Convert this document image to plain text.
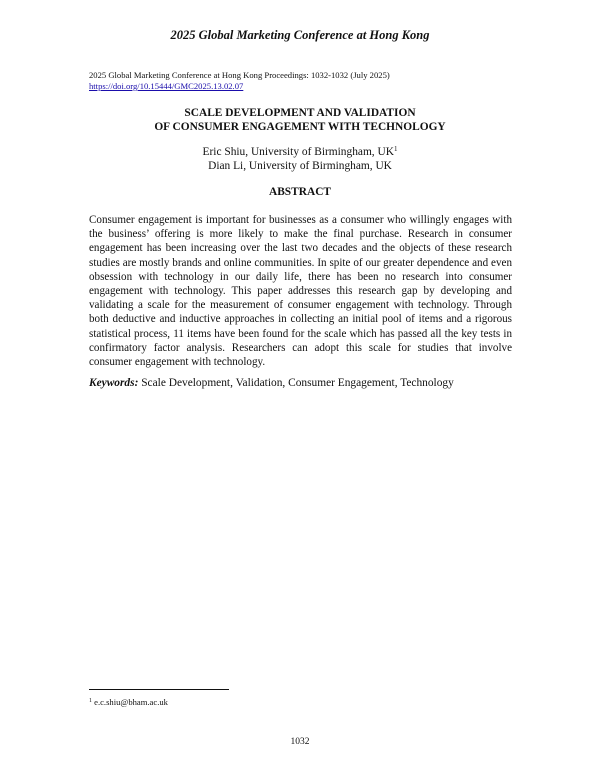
2025 Global Marketing Conference at Hong Kong
2025 Global Marketing Conference at Hong Kong Proceedings: 1032-1032 (July 2025)
https://doi.org/10.15444/GMC2025.13.02.07
SCALE DEVELOPMENT AND VALIDATION
OF CONSUMER ENGAGEMENT WITH TECHNOLOGY
Eric Shiu, University of Birmingham, $UK^1$
Dian Li, University of Birmingham, UK
ABSTRACT

Consumer engagement is important for businesses as a consumer who willingly engages with the business’ offering is more likely to make the final purchase. Research in consumer engagement has been increasing over the last two decades and the objects of these research studies are mostly brands and online communities. In spite of our greater dependence and even obsession with technology in our daily life, there has been no research into consumer engagement with technology. This paper addresses this research gap by developing and validating a scale for the measurement of consumer engagement with technology. Through both deductive and inductive approaches in collecting an initial pool of items and a rigorous statistical process, 11 items have been found for the scale which has passed all the key tests in confirmatory factor analysis. Researchers can adopt this scale for studies that involve consumer engagement with technology.

Keywords: Scale Development, Validation, Consumer Engagement, Technology
$^1$ e.c.shiu@bham.ac.uk
1032
